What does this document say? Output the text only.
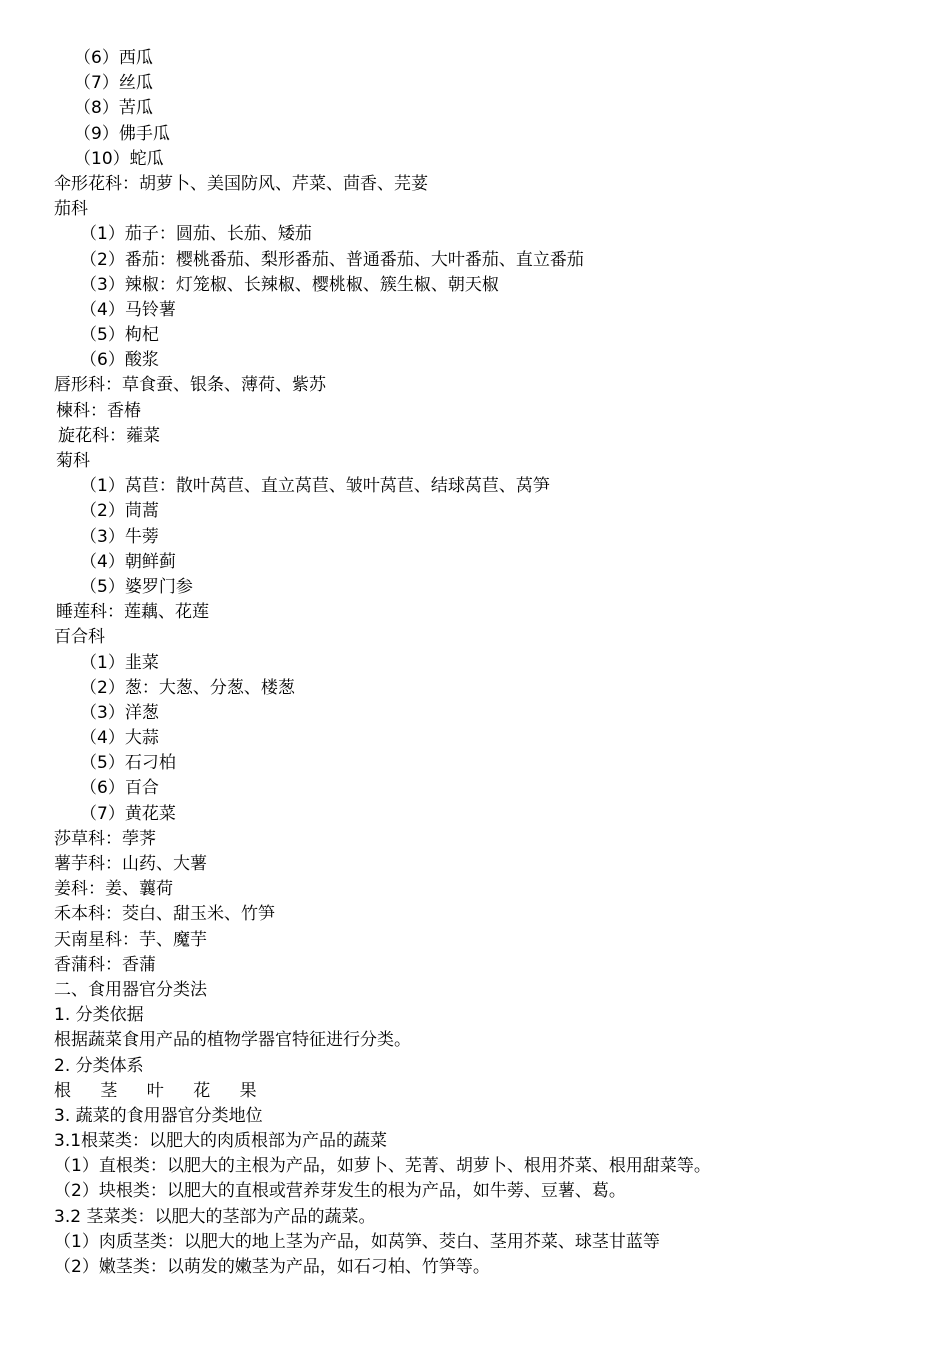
（6）西瓜
（7）丝瓜
（8）苦瓜
（9）佛手瓜
（10）蛇瓜
伞形花科：胡萝卜、美国防风、芹菜、茴香、芫荽
茄科
（1）茄子：圆茄、长茄、矮茄
（2）番茄：樱桃番茄、梨形番茄、普通番茄、大叶番茄、直立番茄
（3）辣椒：灯笼椒、长辣椒、樱桃椒、簇生椒、朝天椒
（4）马铃薯
（5）枸杞
（6）酸浆
唇形科：草食蚕、银条、薄荷、紫苏
楝科：香椿
旋花科：蕹菜
菊科
（1）莴苣：散叶莴苣、直立莴苣、皱叶莴苣、结球莴苣、莴笋
（2）茼蒿
（3）牛蒡
（4）朝鲜蓟
（5）婆罗门参
睡莲科：莲藕、花莲
百合科
（1）韭菜
（2）葱：大葱、分葱、楼葱
（3）洋葱
（4）大蒜
（5）石刁柏
（6）百合
（7）黄花菜
莎草科：荸荠
薯芋科：山药、大薯
姜科：姜、蘘荷
禾本科：茭白、甜玉米、竹笋
天南星科：芋、魔芋
香蒲科：香蒲
二、食用器官分类法
1. 分类依据
根据蔬菜食用产品的植物学器官特征进行分类。
2. 分类体系
根 茎 叶 花 果
3. 蔬菜的食用器官分类地位
3.1根菜类：以肥大的肉质根部为产品的蔬菜
（1）直根类：以肥大的主根为产品，如萝卜、芜菁、胡萝卜、根用芥菜、根用甜菜等。
（2）块根类：以肥大的直根或营养芽发生的根为产品，如牛蒡、豆薯、葛。
3.2 茎菜类：以肥大的茎部为产品的蔬菜。
（1）肉质茎类：以肥大的地上茎为产品，如莴笋、茭白、茎用芥菜、球茎甘蓝等
（2）嫩茎类：以萌发的嫩茎为产品，如石刁柏、竹笋等。
